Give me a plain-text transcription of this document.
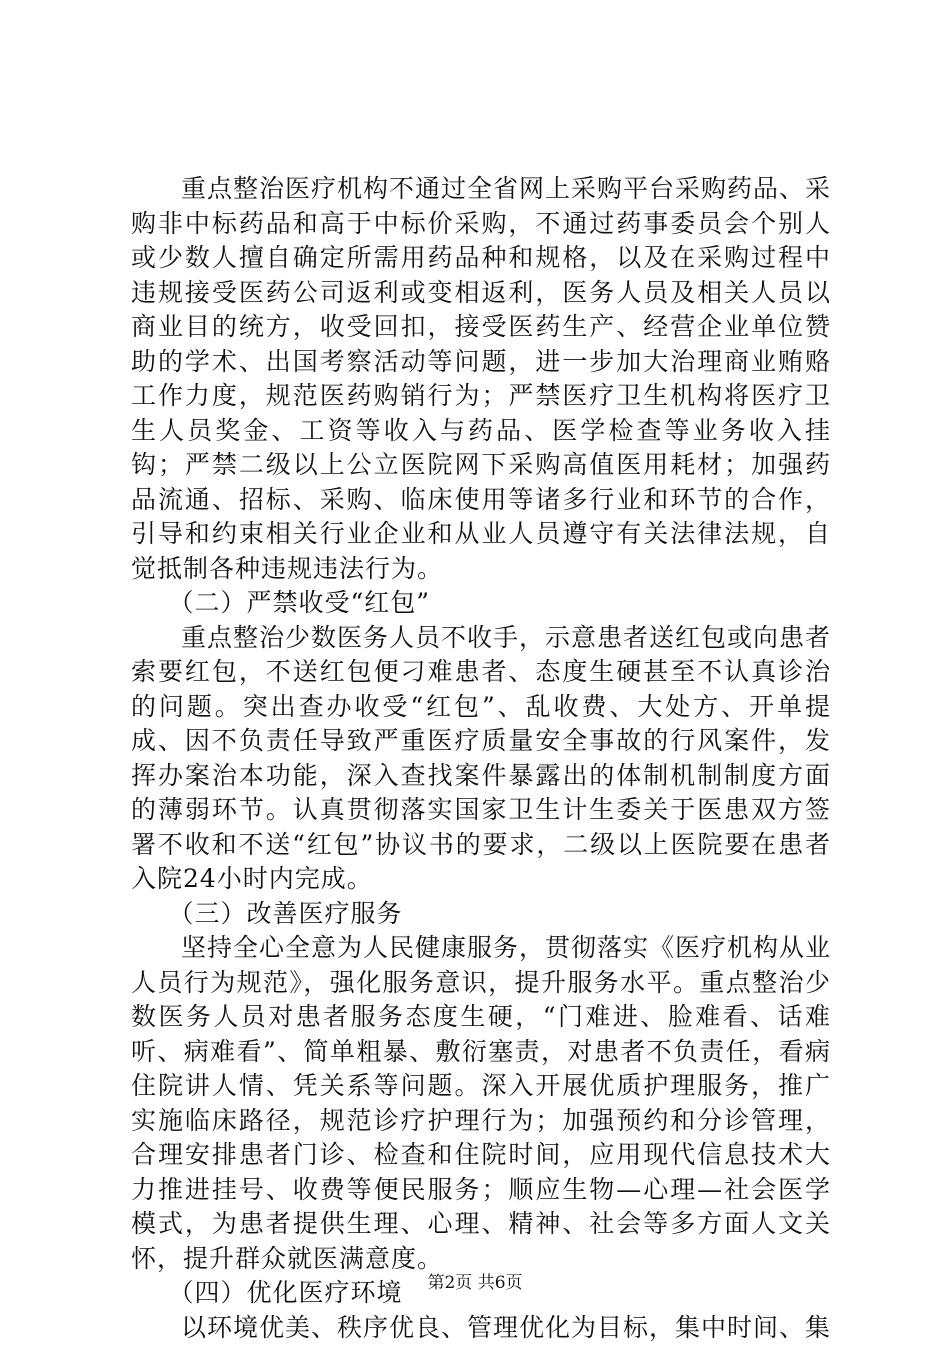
重点整治医疗机构不通过全省网上采购平台采购药品、采购非中标药品和高于中标价采购，不通过药事委员会个别人或少数人擅自确定所需用药品种和规格，以及在采购过程中违规接受医药公司返利或变相返利，医务人员及相关人员以商业目的统方，收受回扣，接受医药生产、经营企业单位赞助的学术、出国考察活动等问题，进一步加大治理商业贿赂工作力度，规范医药购销行为；严禁医疗卫生机构将医疗卫生人员奖金、工资等收入与药品、医学检查等业务收入挂钩；严禁二级以上公立医院网下采购高值医用耗材；加强药品流通、招标、采购、临床使用等诸多行业和环节的合作，引导和约束相关行业企业和从业人员遵守有关法律法规，自觉抵制各种违规违法行为。

（二）严禁收受“红包”

重点整治少数医务人员不收手，示意患者送红包或向患者索要红包，不送红包便刁难患者、态度生硬甚至不认真诊治的问题。突出查办收受“红包”、乱收费、大处方、开单提成、因不负责任导致严重医疗质量安全事故的行风案件，发挥办案治本功能，深入查找案件暴露出的体制机制制度方面的薄弱环节。认真贯彻落实国家卫生计生委关于医患双方签署不收和不送“红包”协议书的要求，二级以上医院要在患者入院24小时内完成。

（三）改善医疗服务

坚持全心全意为人民健康服务，贯彻落实《医疗机构从业人员行为规范》，强化服务意识，提升服务水平。重点整治少数医务人员对患者服务态度生硬，“门难进、脸难看、话难听、病难看”、简单粗暴、敷衍塞责，对患者不负责任，看病住院讲人情、凭关系等问题。深入开展优质护理服务，推广实施临床路径，规范诊疗护理行为；加强预约和分诊管理，合理安排患者门诊、检查和住院时间，应用现代信息技术大力推进挂号、收费等便民服务；顺应生物—心理—社会医学模式，为患者提供生理、心理、精神、社会等多方面人文关怀，提升群众就医满意度。

（四）优化医疗环境

以环境优美、秩序优良、管理优化为目标，集中时间、集

第2页 共6页
